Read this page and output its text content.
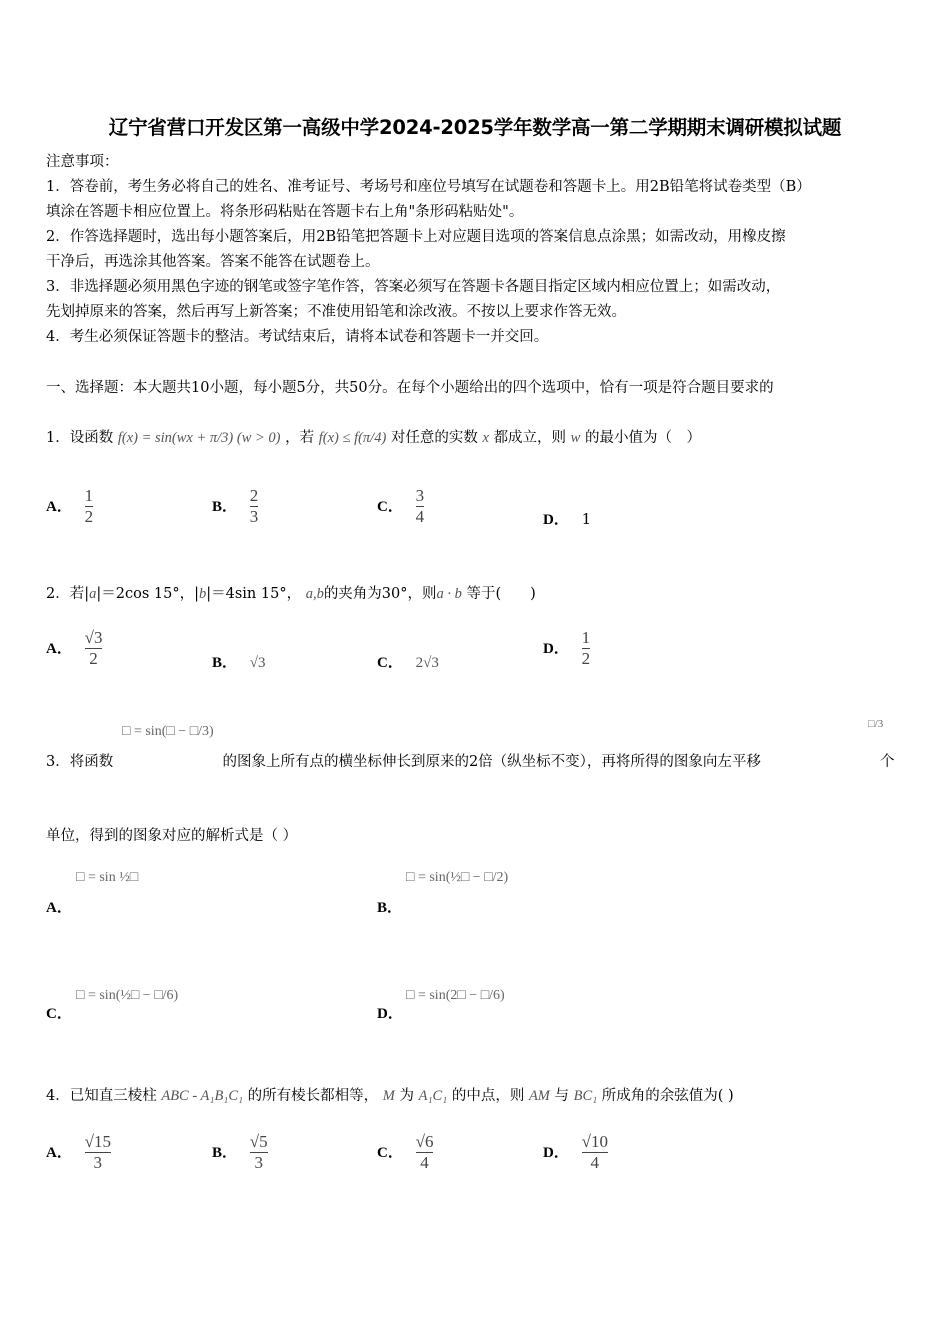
辽宁省营口开发区第一高级中学2024-2025学年数学高一第二学期期末调研模拟试题
注意事项：
1．答卷前，考生务必将自己的姓名、准考证号、考场号和座位号填写在试题卷和答题卡上。用2B铅笔将试卷类型（B）
填涂在答题卡相应位置上。将条形码粘贴在答题卡右上角"条形码粘贴处"。
2．作答选择题时，选出每小题答案后，用2B铅笔把答题卡上对应题目选项的答案信息点涂黑；如需改动，用橡皮擦
干净后，再选涂其他答案。答案不能答在试题卷上。
3．非选择题必须用黑色字迹的钢笔或签字笔作答，答案必须写在答题卡各题目指定区域内相应位置上；如需改动，
先划掉原来的答案，然后再写上新答案；不准使用铅笔和涂改液。不按以上要求作答无效。
4．考生必须保证答题卡的整洁。考试结束后，请将本试卷和答题卡一并交回。
一、选择题：本大题共10小题，每小题5分，共50分。在每个小题给出的四个选项中，恰有一项是符合题目要求的
1．设函数 f(x) = sin(wx + π/3) (w > 0) ，若 f(x) ≤ f(π/4) 对任意的实数 x 都成立，则 w 的最小值为（　）
A． $\frac{1}{2}$	B． $\frac{2}{3}$	C． $\frac{3}{4}$	D． 1
2．若|a|＝2cos 15°，|b|＝4sin 15°， a,b的夹角为30°，则a · b 等于(　　)
A． $\frac{√3}{2}$	B． √3	C． 2√3
D． $\frac{1}{2}$
□ = sin(□ − □/3)
3．将函数	的图象上所有点的横坐标伸长到原来的2倍（纵坐标不变），再将所得的图象向左平移
□/3
个
单位，得到的图象对应的解析式是（ ）
□ = sin ½□
A．
□ = sin(½□ − □/2)
B．
□ = sin(½□ − □/6)
C．
□ = sin(2□ − □/6)
D．
4．已知直三棱柱 ABC - A₁B₁C₁ 的所有棱长都相等， M 为 A₁C₁ 的中点，则 AM 与 BC₁ 所成角的余弦值为( )
A． $\frac{√15}{3}$	B． $\frac{√5}{3}$	C． $\frac{√6}{4}$	D． $\frac{√10}{4}$
